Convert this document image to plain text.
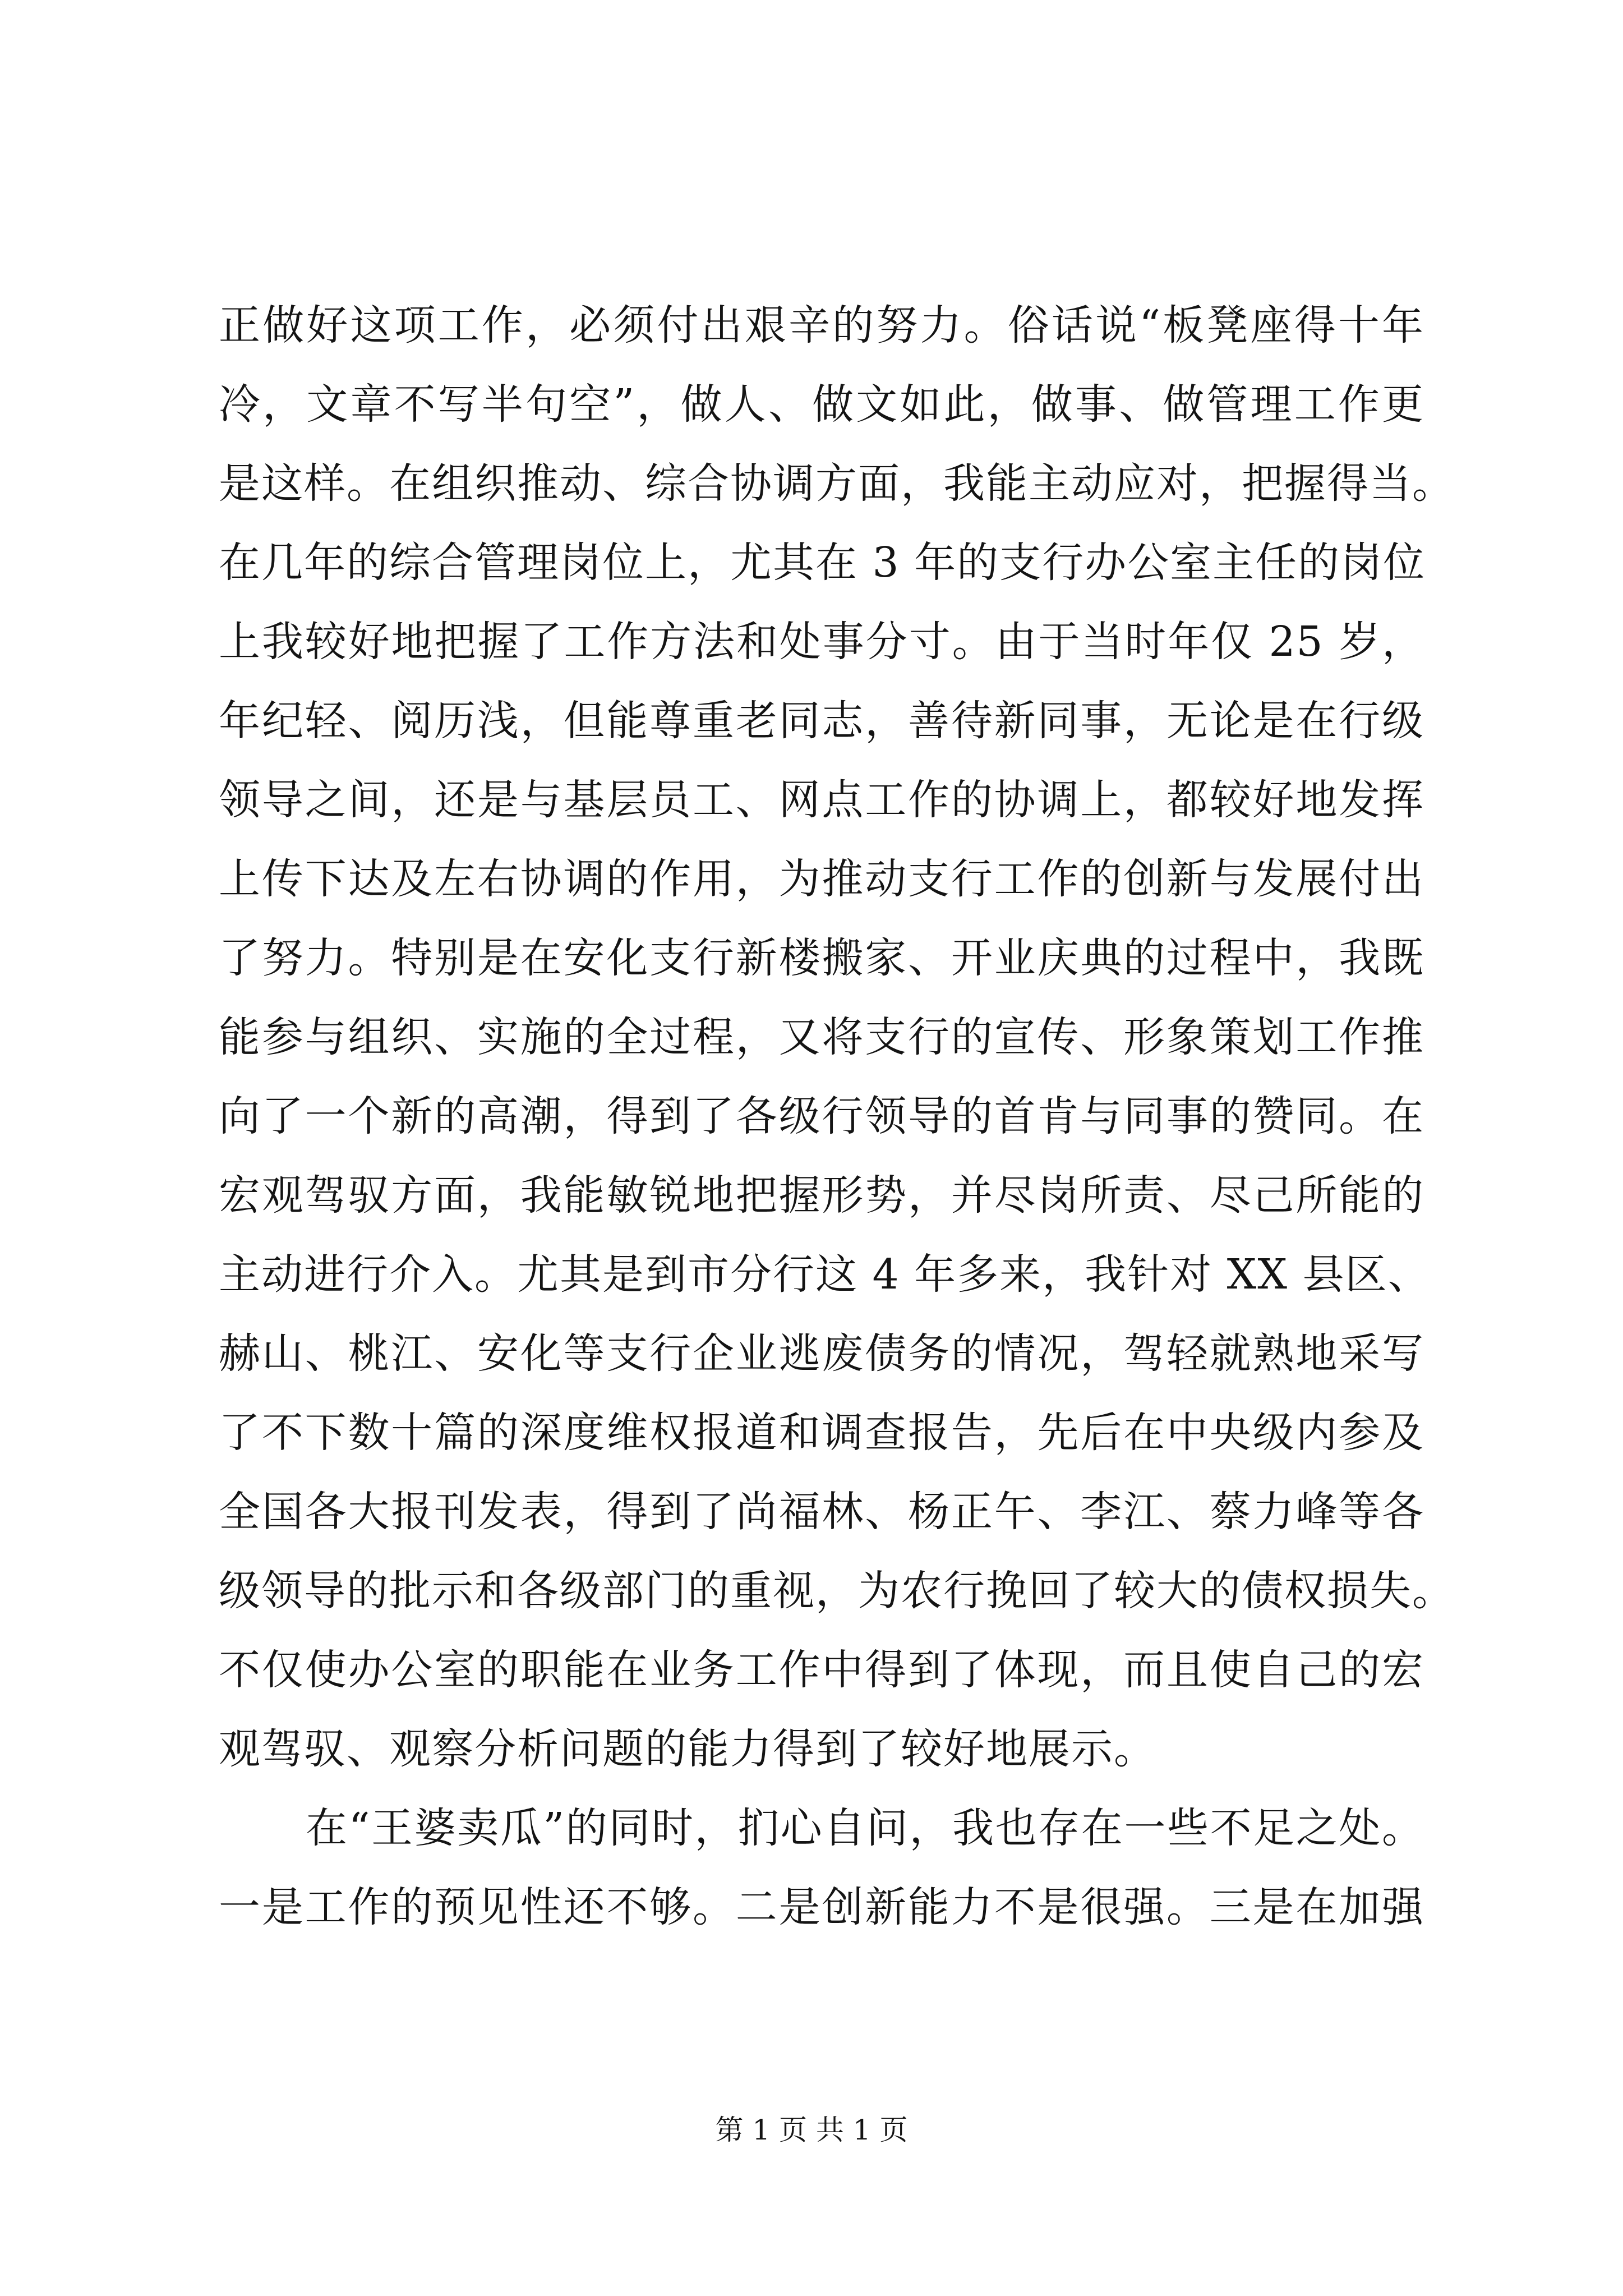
正做好这项工作，必须付出艰辛的努力。俗话说“板凳座得十年
冷，文章不写半句空”，做人、做文如此，做事、做管理工作更
是这样。在组织推动、综合协调方面，我能主动应对，把握得当。
在几年的综合管理岗位上，尤其在 3 年的支行办公室主任的岗位
上我较好地把握了工作方法和处事分寸。由于当时年仅 25 岁，
年纪轻、阅历浅，但能尊重老同志，善待新同事，无论是在行级
领导之间，还是与基层员工、网点工作的协调上，都较好地发挥
上传下达及左右协调的作用，为推动支行工作的创新与发展付出
了努力。特别是在安化支行新楼搬家、开业庆典的过程中，我既
能参与组织、实施的全过程，又将支行的宣传、形象策划工作推
向了一个新的高潮，得到了各级行领导的首肯与同事的赞同。在
宏观驾驭方面，我能敏锐地把握形势，并尽岗所责、尽己所能的
主动进行介入。尤其是到市分行这 4 年多来，我针对 XX 县区、
赫山、桃江、安化等支行企业逃废债务的情况，驾轻就熟地采写
了不下数十篇的深度维权报道和调查报告，先后在中央级内参及
全国各大报刊发表，得到了尚福林、杨正午、李江、蔡力峰等各
级领导的批示和各级部门的重视，为农行挽回了较大的债权损失。
不仅使办公室的职能在业务工作中得到了体现，而且使自己的宏
观驾驭、观察分析问题的能力得到了较好地展示。
在“王婆卖瓜”的同时，扪心自问，我也存在一些不足之处。
一是工作的预见性还不够。二是创新能力不是很强。三是在加强
第 1 页 共 1 页
